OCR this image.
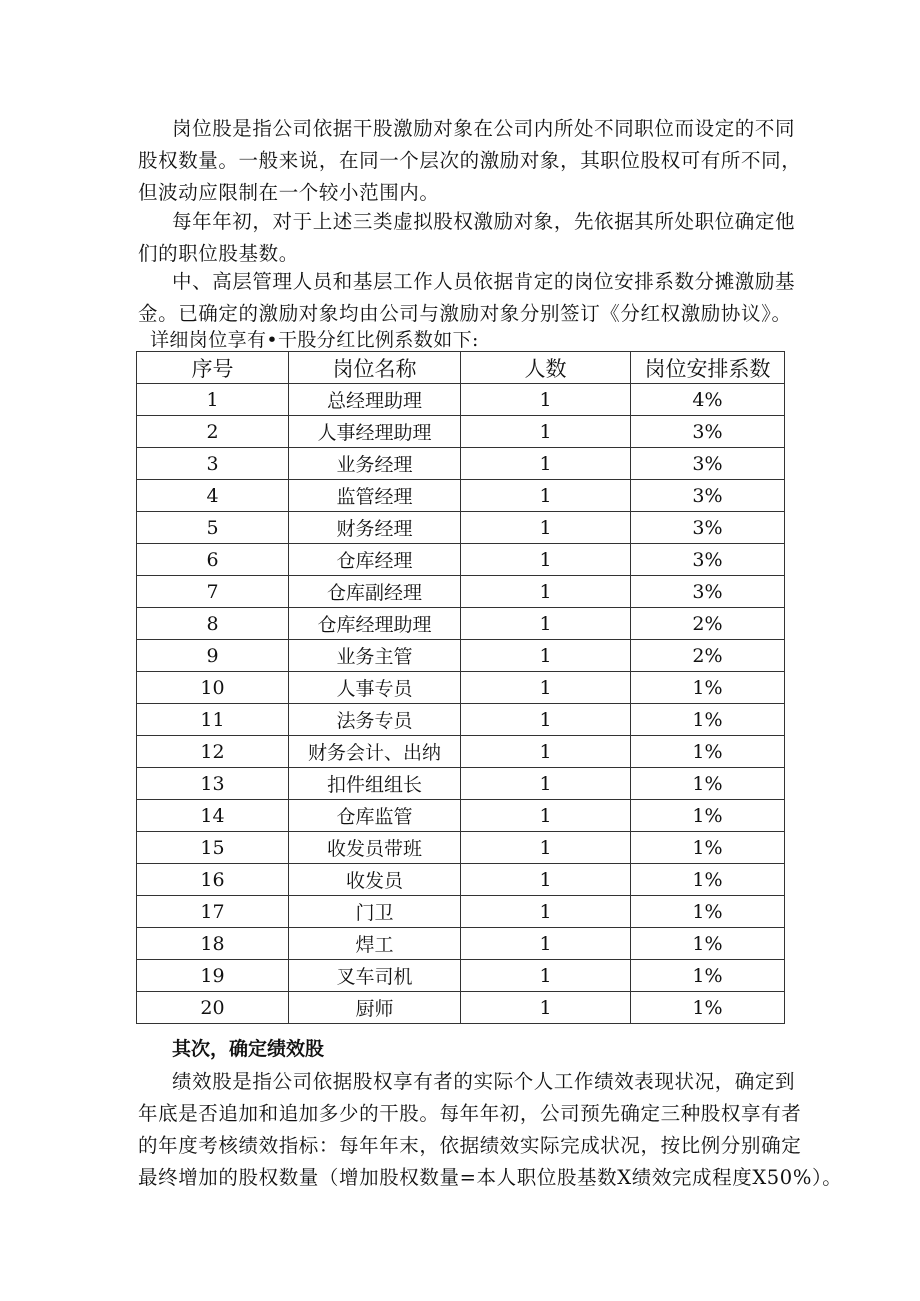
岗位股是指公司依据干股激励对象在公司内所处不同职位而设定的不同
股权数量。一般来说，在同一个层次的激励对象，其职位股权可有所不同，
但波动应限制在一个较小范围内。
每年年初，对于上述三类虚拟股权激励对象，先依据其所处职位确定他
们的职位股基数。
中、高层管理人员和基层工作人员依据肯定的岗位安排系数分摊激励基
金。已确定的激励对象均由公司与激励对象分别签订《分红权激励协议》。
详细岗位享有•干股分红比例系数如下:
序号	岗位名称	人数	岗位安排系数
1	总经理助理	1	4%
2	人事经理助理	1	3%
3	业务经理	1	3%
4	监管经理	1	3%
5	财务经理	1	3%
6	仓库经理	1	3%
7	仓库副经理	1	3%
8	仓库经理助理	1	2%
9	业务主管	1	2%
10	人事专员	1	1%
11	法务专员	1	1%
12	财务会计、出纳	1	1%
13	扣件组组长	1	1%
14	仓库监管	1	1%
15	收发员带班	1	1%
16	收发员	1	1%
17	门卫	1	1%
18	焊工	1	1%
19	叉车司机	1	1%
20	厨师	1	1%
其次，确定绩效股
绩效股是指公司依据股权享有者的实际个人工作绩效表现状况，确定到
年底是否追加和追加多少的干股。每年年初，公司预先确定三种股权享有者
的年度考核绩效指标：每年年末，依据绩效实际完成状况，按比例分别确定
最终增加的股权数量（增加股权数量=本人职位股基数X绩效完成程度X50%）。
